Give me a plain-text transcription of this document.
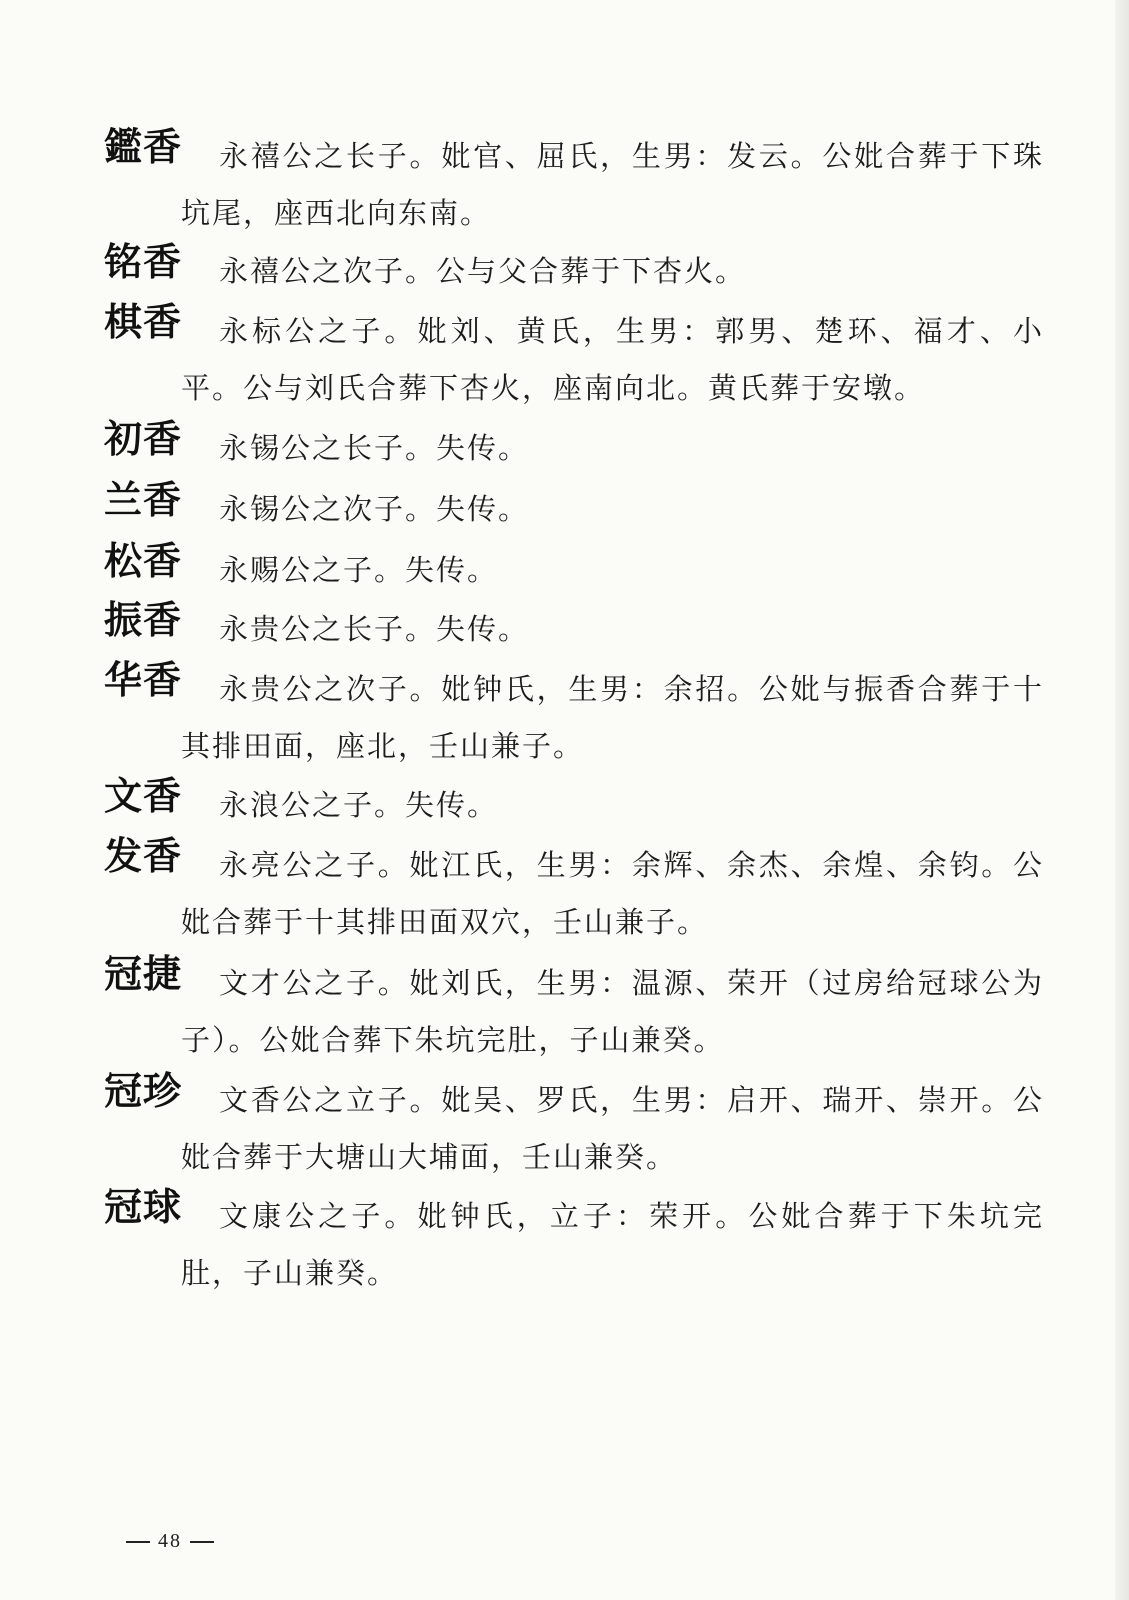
鑑香	永禧公之长子。妣官、屈氏，生男：发云。公妣合葬于下珠坑尾，座西北向东南。

铭香	永禧公之次子。公与父合葬于下杏火。

棋香	永标公之子。妣刘、黄氏，生男：郭男、楚环、福才、小平。公与刘氏合葬下杏火，座南向北。黄氏葬于安墩。

初香	永锡公之长子。失传。

兰香	永锡公之次子。失传。

松香	永赐公之子。失传。

振香	永贵公之长子。失传。

华香	永贵公之次子。妣钟氏，生男：余招。公妣与振香合葬于十其排田面，座北，壬山兼子。

文香	永浪公之子。失传。

发香	永亮公之子。妣江氏，生男：余辉、余杰、余煌、余钧。公妣合葬于十其排田面双穴，壬山兼子。

冠捷	文才公之子。妣刘氏，生男：温源、荣开（过房给冠球公为子）。公妣合葬下朱坑完肚，子山兼癸。

冠珍	文香公之立子。妣吴、罗氏，生男：启开、瑞开、崇开。公妣合葬于大塘山大埔面，壬山兼癸。

冠球	文康公之子。妣钟氏，立子：荣开。公妣合葬于下朱坑完肚，子山兼癸。

48
